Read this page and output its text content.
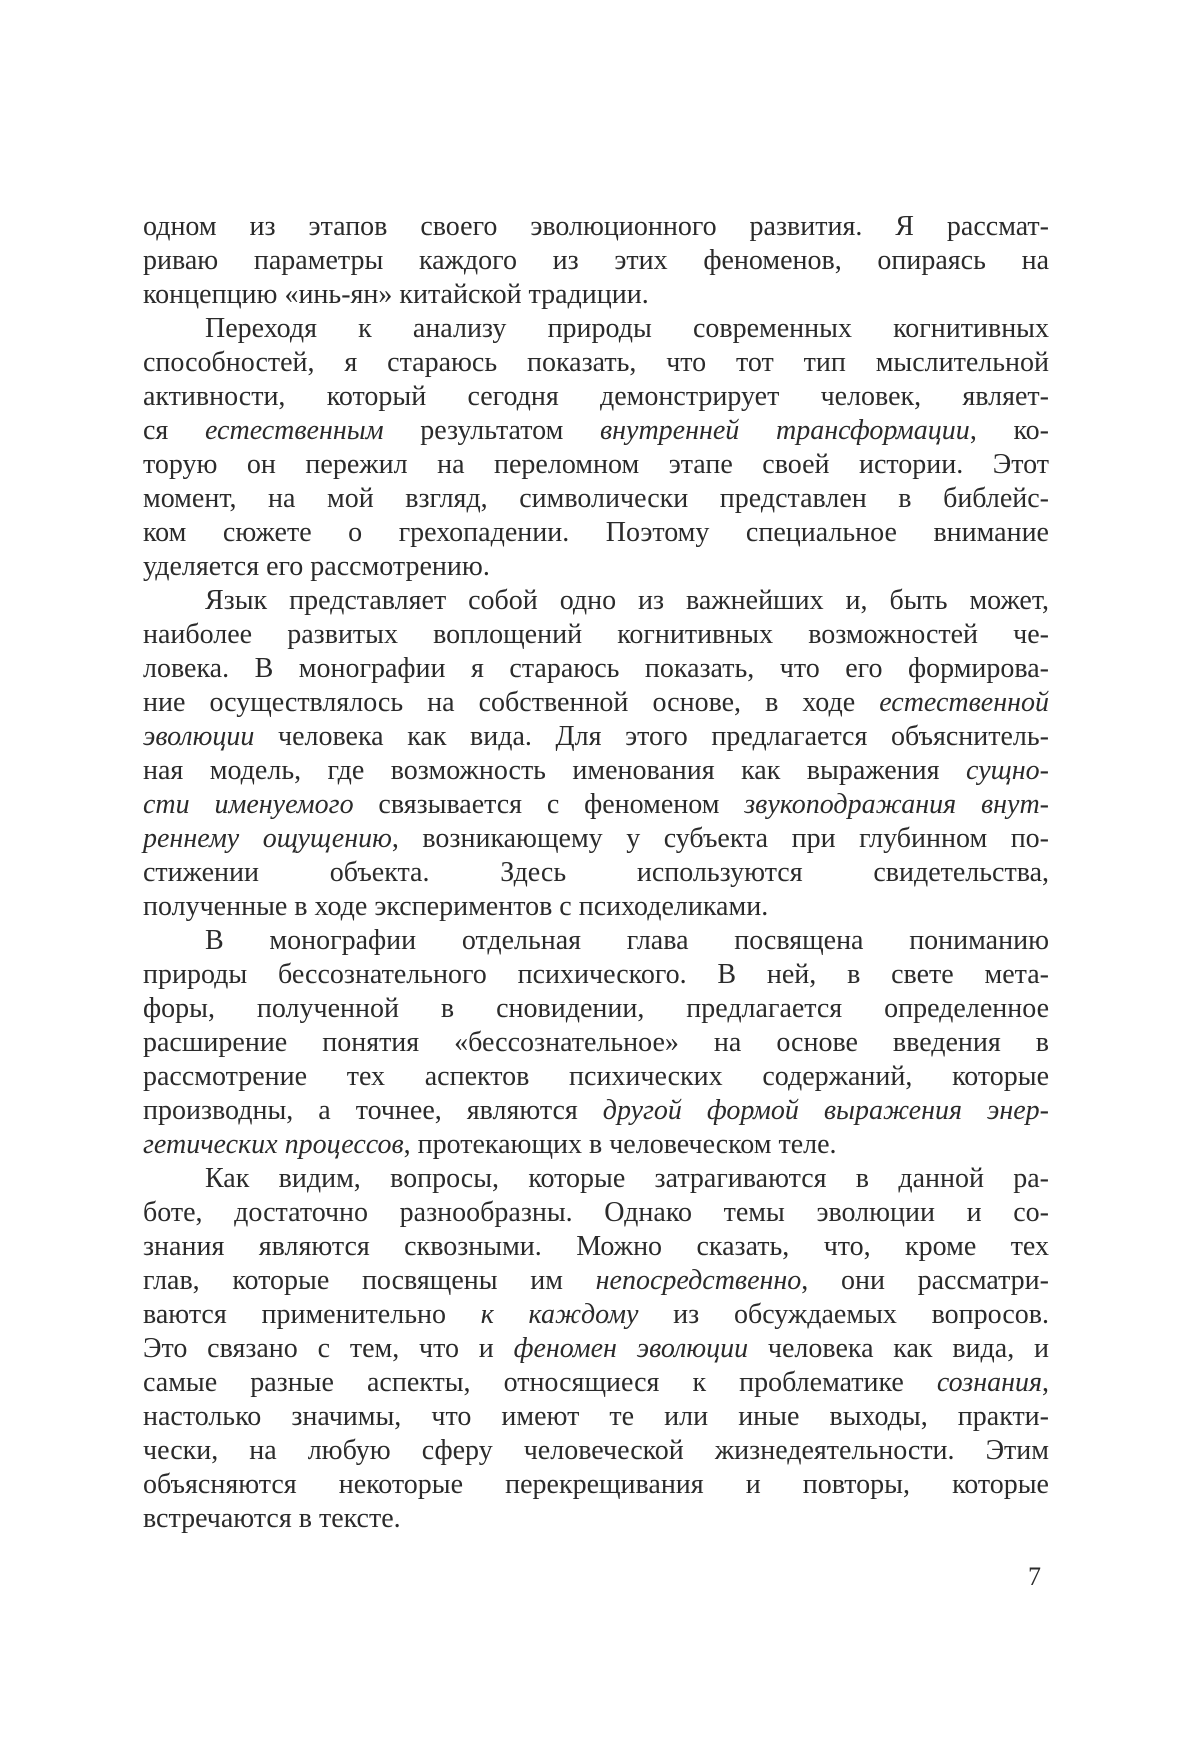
одном из этапов своего эволюционного развития. Я рассмат-
риваю параметры каждого из этих феноменов, опираясь на
концепцию «инь-ян» китайской традиции.
Переходя к анализу природы современных когнитивных
способностей, я стараюсь показать, что тот тип мыслительной
активности, который сегодня демонстрирует человек, являет-
ся естественным результатом внутренней трансформации, ко-
торую он пережил на переломном этапе своей истории. Этот
момент, на мой взгляд, символически представлен в библейс-
ком сюжете о грехопадении. Поэтому специальное внимание
уделяется его рассмотрению.
Язык представляет собой одно из важнейших и, быть может,
наиболее развитых воплощений когнитивных возможностей че-
ловека. В монографии я стараюсь показать, что его формирова-
ние осуществлялось на собственной основе, в ходе естественной
эволюции человека как вида. Для этого предлагается объяснитель-
ная модель, где возможность именования как выражения сущно-
сти именуемого связывается с феноменом звукоподражания внут-
реннему ощущению, возникающему у субъекта при глубинном по-
стижении объекта. Здесь используются свидетельства,
полученные в ходе экспериментов с психоделиками.
В монографии отдельная глава посвящена пониманию
природы бессознательного психического. В ней, в свете мета-
форы, полученной в сновидении, предлагается определенное
расширение понятия «бессознательное» на основе введения в
рассмотрение тех аспектов психических содержаний, которые
производны, а точнее, являются другой формой выражения энер-
гетических процессов, протекающих в человеческом теле.
Как видим, вопросы, которые затрагиваются в данной ра-
боте, достаточно разнообразны. Однако темы эволюции и со-
знания являются сквозными. Можно сказать, что, кроме тех
глав, которые посвящены им непосредственно, они рассматри-
ваются применительно к каждому из обсуждаемых вопросов.
Это связано с тем, что и феномен эволюции человека как вида, и
самые разные аспекты, относящиеся к проблематике сознания,
настолько значимы, что имеют те или иные выходы, практи-
чески, на любую сферу человеческой жизнедеятельности. Этим
объясняются некоторые перекрещивания и повторы, которые
встречаются в тексте.
7
